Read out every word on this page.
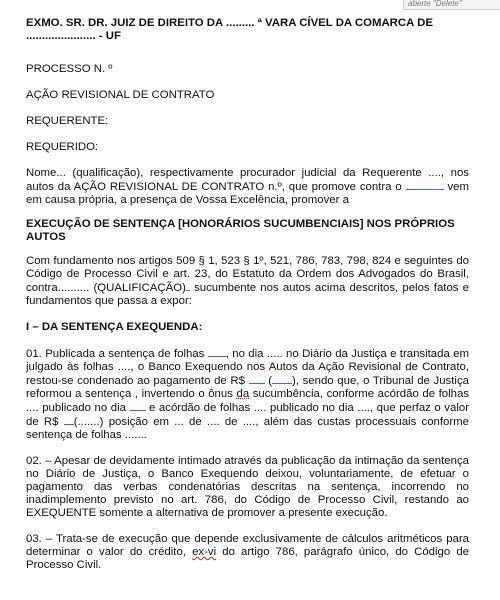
aberte "Delete"

EXMO. SR. DR. JUIZ DE DIREITO DA ......... ª VARA CÍVEL DA COMARCA DE
...................... - UF

PROCESSO N. º

AÇÃO REVISIONAL DE CONTRATO

REQUERENTE:

REQUERIDO:

Nome... (qualificação), respectivamente procurador judicial da Requerente ...., nos autos da AÇÃO REVISIONAL DE CONTRATO n.º, que promove contra o	vem em causa própria, a presença de Vossa Excelência, promover a

EXECUÇÃO DE SENTENÇA [HONORÁRIOS SUCUMBENCIAIS] NOS PRÓPRIOS AUTOS

Com fundamento nos artigos 509 § 1, 523 § 1º, 521, 786, 783, 798, 824 e seguintes do Código de Processo Civil e art. 23, do Estatuto da Ordem dos Advogados do Brasil, contra.......... (QUALIFICAÇÃO) sucumbente nos autos acima descritos, pelos fatos e fundamentos que passa a expor:

I – DA SENTENÇA EXEQUENDA:

01. Publicada a sentença de folhas , no dia ..... no Diário da Justiça e transitada em julgado às folhas ...., o Banco Exequendo nos Autos da Ação Revisional de Contrato, restou-se condenado ao pagamento de R$  ( ), sendo que, o Tribunal de Justiça reformou a sentença , invertendo o ônus da sucumbência, conforme acórdão de folhas .... publicado no dia  e acórdão de folhas .... publicado no dia ...., que perfaz o valor de R$ (.......) posição em ... de .... de ...., além das custas processuais conforme sentença de folhas .......

02. – Apesar de devidamente intimado através da publicação da intimação da sentença no Diário de Justiça, o Banco Exequendo deixou, voluntariamente, de efetuar o pagamento das verbas condenatórias descritas na sentença, incorrendo no inadimplemento previsto no art. 786, do Código de Processo Civil, restando ao EXEQUENTE somente a alternativa de promover a presente execução.

03. – Trata-se de execução que depende exclusivamente de cálculos aritméticos para determinar o valor do crédito, ex-vi do artigo 786, parágrafo único, do Código de Processo Civil.
